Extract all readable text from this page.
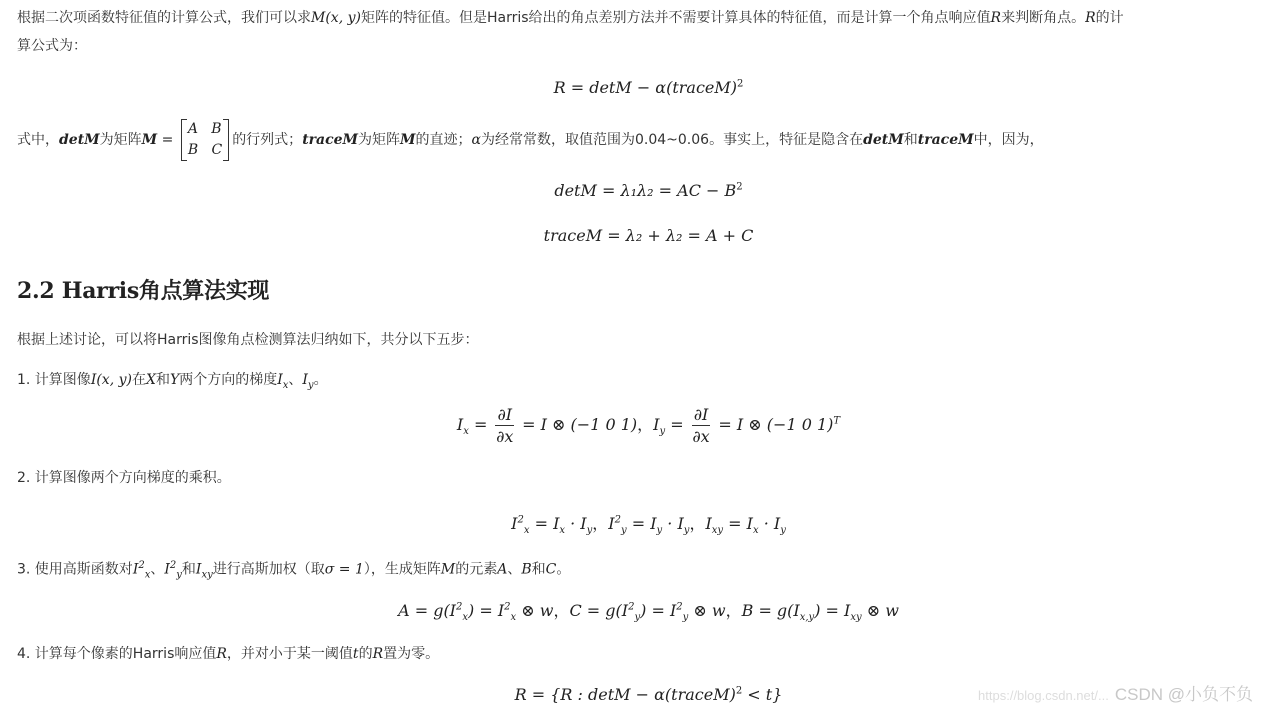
根据二次项函数特征值的计算公式，我们可以求M(x, y)矩阵的特征值。但是Harris给出的角点差别方法并不需要计算具体的特征值，而是计算一个角点响应值R来判断角点。R的计
算公式为：
R = detM − α(traceM)$^2$
式中，detM为矩阵M = A B
B C的行列式；traceM为矩阵M的直迹；α为经常常数，取值范围为0.04~0.06。事实上，特征是隐含在detM和traceM中，因为，
detM = λ₁λ₂ = AC − $B^2$
traceM = λ₂ + λ₂ = A + C
2.2 Harris角点算法实现
根据上述讨论，可以将Harris图像角点检测算法归纳如下，共分以下五步：
1. 计算图像I(x, y)在X和Y两个方向的梯度$I_x$、$I_y$。
$I_x = \frac{\partial I}{\partial x} = I$ ⊗ (−1 0 1)，$I_y = \frac{\partial I}{\partial x} = I$ ⊗ (−1 0 1)$^T$
2. 计算图像两个方向梯度的乘积。
$I^2_x = I_x \cdot I_y$，$I^2_y = I_y \cdot I_y$，$I_{xy} = I_x \cdot I_y$
3. 使用高斯函数对$I^2_x$、$I^2_y$和$I_{xy}$进行高斯加权（取σ = 1），生成矩阵M的元素A、B和C。
$A = g(I^2_x) = I^2_x$ ⊗ w，$C = g(I^2_y) = I^2_y$ ⊗ w，$B = g(I_{x,y}) = I_{xy}$ ⊗ w
4. 计算每个像素的Harris响应值R，并对小于某一阈值t的R置为零。
R = {R : detM − α(traceM)$^2$ < t}	https://blog.csdn.net/... CSDN @小负不负
